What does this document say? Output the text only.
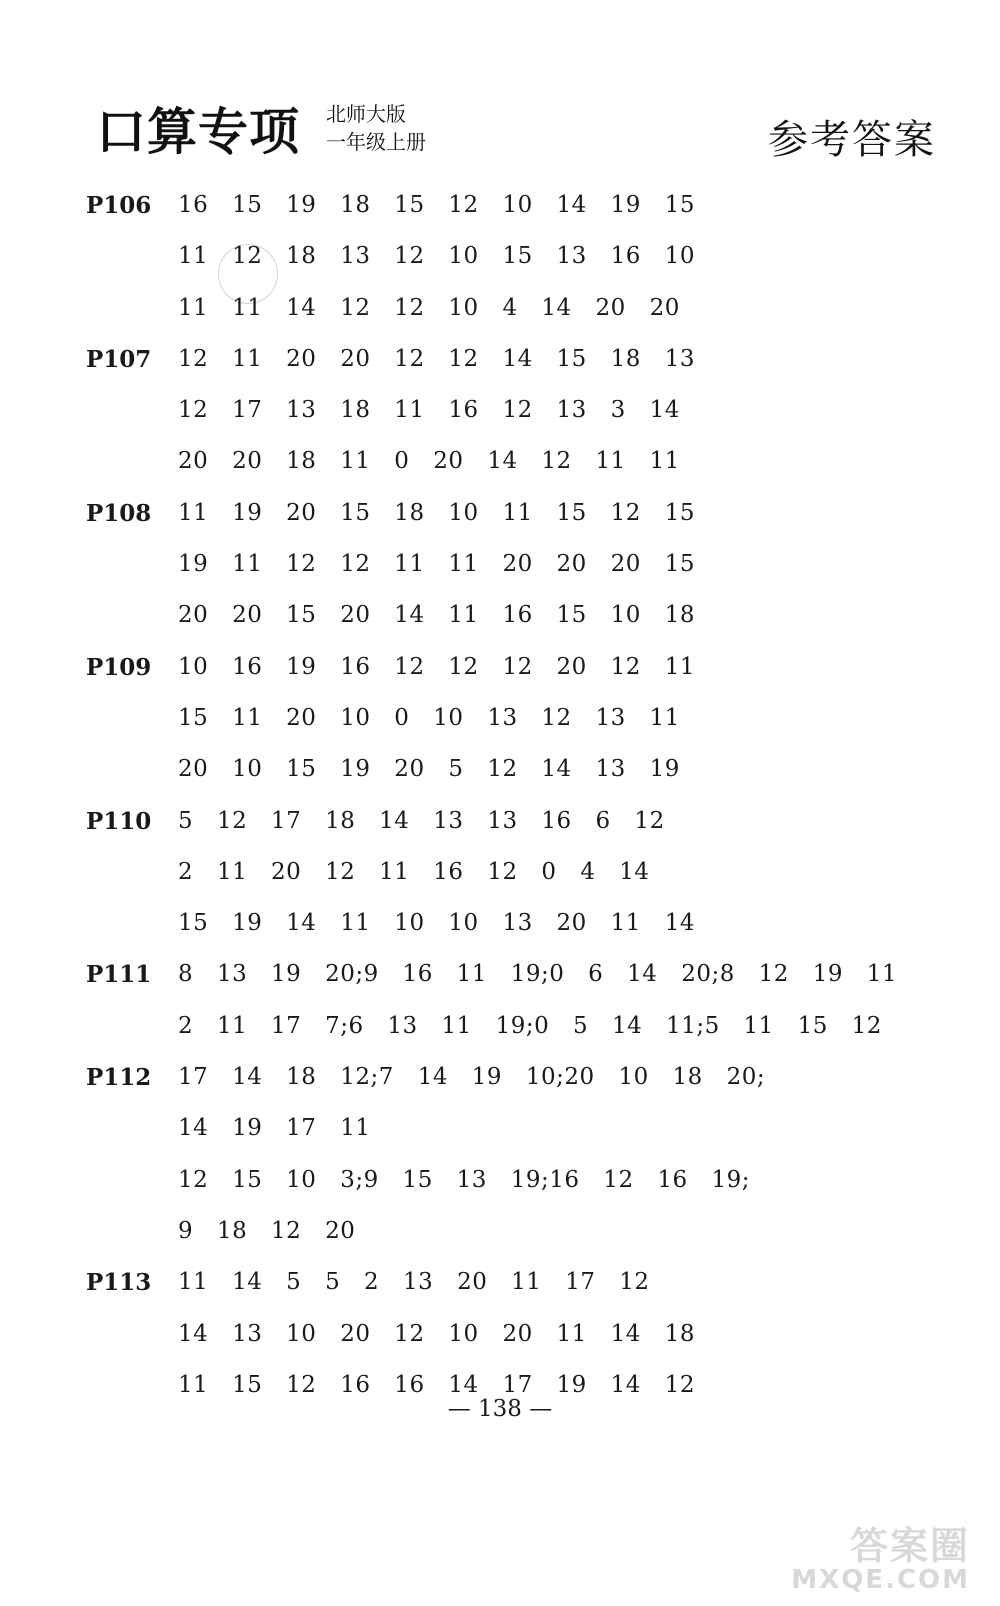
口算专项 北师大版
一年级上册	参考答案
P106 16 15 19 18 15 12 10 14 19 15
11 12 18 13 12 10 15 13 16 10
11 11 14 12 12 10 4 14 20 20
P107 12 11 20 20 12 12 14 15 18 13
12 17 13 18 11 16 12 13 3 14
20 20 18 11 0 20 14 12 11 11
P108 11 19 20 15 18 10 11 15 12 15
19 11 12 12 11 11 20 20 20 15
20 20 15 20 14 11 16 15 10 18
P109 10 16 19 16 12 12 12 20 12 11
15 11 20 10 0 10 13 12 13 11
20 10 15 19 20 5 12 14 13 19
P110 5 12 17 18 14 13 13 16 6 12
2 11 20 12 11 16 12 0 4 14
15 19 14 11 10 10 13 20 11 14
P111 8 13 19 20;9 16 11 19;0 6 14 20;8 12 19 11
2 11 17 7;6 13 11 19;0 5 14 11;5 11 15 12
P112 17 14 18 12;7 14 19 10;20 10 18 20;
14 19 17 11
12 15 10 3;9 15 13 19;16 12 16 19;
9 18 12 20
P113 11 14 5 5 2 13 20 11 17 12
14 13 10 20 12 10 20 11 14 18
11 15 12 16 16 14 17 19 14 12
— 138 —
答案圈
MXQE.COM
